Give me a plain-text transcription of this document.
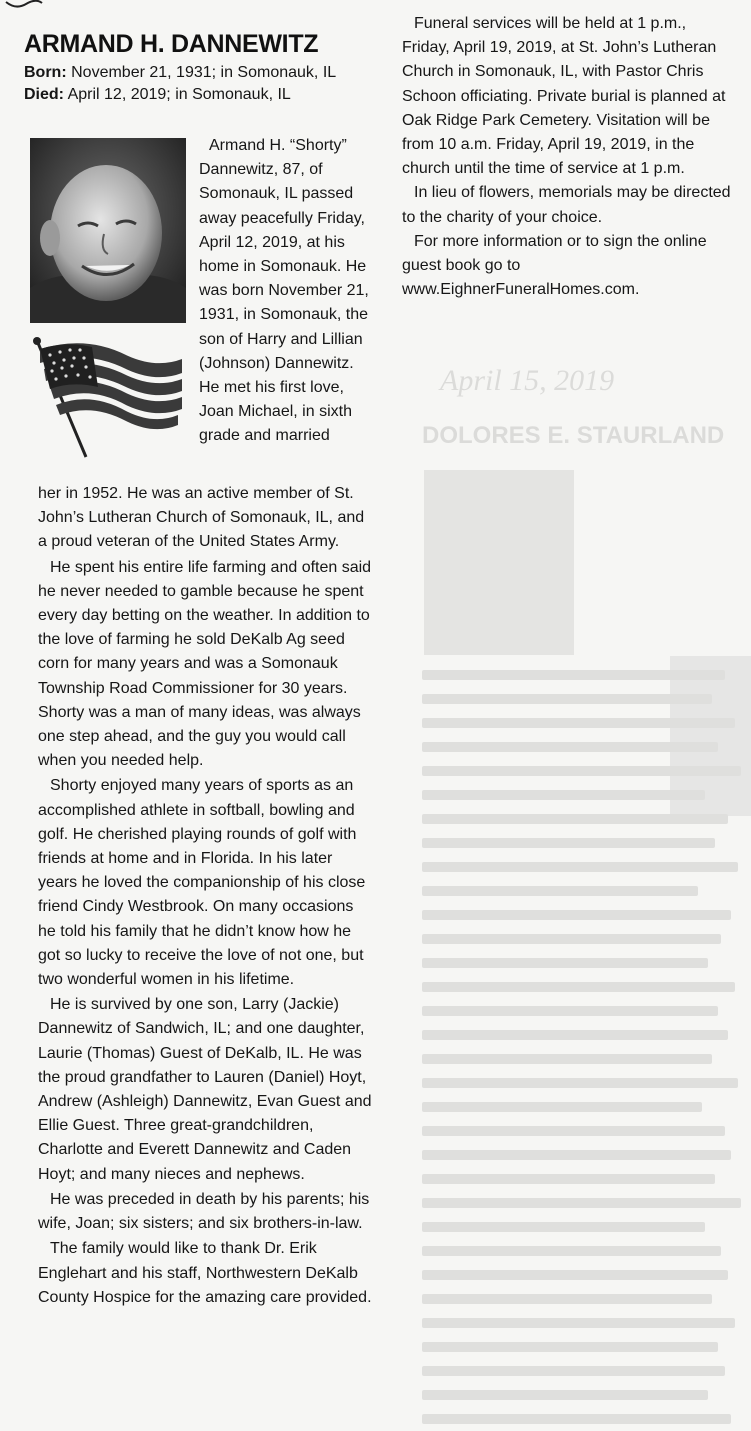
ARMAND H. DANNEWITZ

Born: November 21, 1931; in Somonauk, IL

Died: April 12, 2019; in Somonauk, IL

Armand H. “Shorty” Dannewitz, 87, of Somonauk, IL passed away peacefully Friday, April 12, 2019, at his home in Somonauk. He was born November 21, 1931, in Somonauk, the son of Harry and Lillian (Johnson) Dannewitz. He met his first love, Joan Michael, in sixth grade and married

her in 1952. He was an active member of St. John’s Lutheran Church of Somonauk, IL, and a proud veteran of the United States Army.

He spent his entire life farming and often said he never needed to gamble because he spent every day betting on the weather. In addition to the love of farming he sold DeKalb Ag seed corn for many years and was a Somonauk Township Road Commissioner for 30 years. Shorty was a man of many ideas, was always one step ahead, and the guy you would call when you needed help.

Shorty enjoyed many years of sports as an accomplished athlete in softball, bowling and golf. He cherished playing rounds of golf with friends at home and in Florida. In his later years he loved the companionship of his close friend Cindy Westbrook. On many occasions he told his family that he didn’t know how he got so lucky to receive the love of not one, but two wonderful women in his lifetime.

He is survived by one son, Larry (Jackie) Dannewitz of Sandwich, IL; and one daughter, Laurie (Thomas) Guest of DeKalb, IL. He was the proud grandfather to Lauren (Daniel) Hoyt, Andrew (Ashleigh) Dannewitz, Evan Guest and Ellie Guest. Three great-grandchildren, Charlotte and Everett Dannewitz and Caden Hoyt; and many nieces and nephews.

He was preceded in death by his parents; his wife, Joan; six sisters; and six brothers-in-law.

The family would like to thank Dr. Erik Englehart and his staff, Northwestern DeKalb County Hospice for the amazing care provided.

Funeral services will be held at 1 p.m., Friday, April 19, 2019, at St. John’s Lutheran Church in Somonauk, IL, with Pastor Chris Schoon officiating. Private burial is planned at Oak Ridge Park Cemetery. Visitation will be from 10 a.m. Friday, April 19, 2019, in the church until the time of service at 1 p.m.

In lieu of flowers, memorials may be directed to the charity of your choice.

For more information or to sign the online guest book go to www.EighnerFuneralHomes.com.

April 15, 2019
DOLORES E. STAURLAND
